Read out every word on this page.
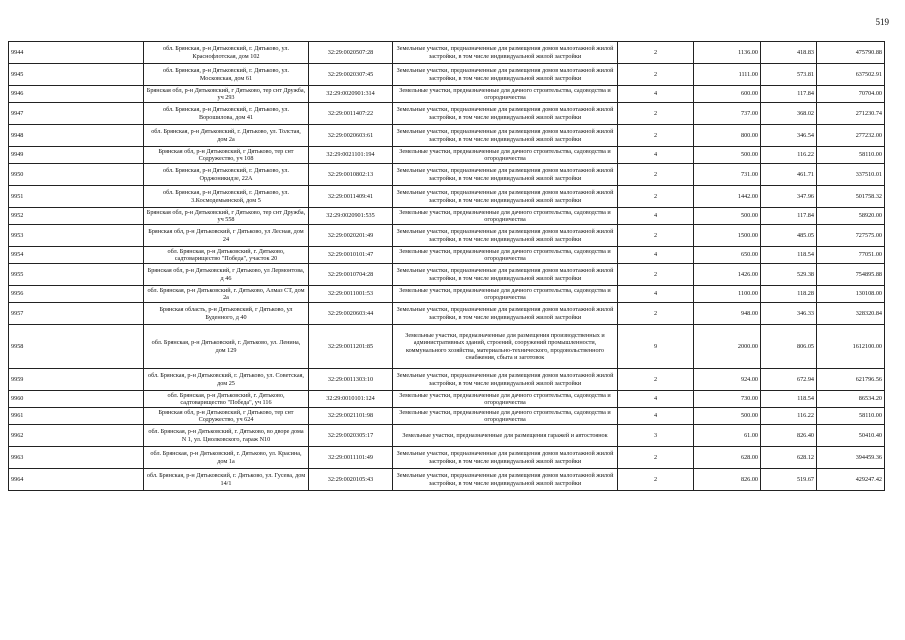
519
9944	обл. Брянская, р-н Дятьковский, г. Дятьково, ул. Краснофлотская, дом 102	32:29:0020507:28	Земельные участки, предназначенные для размещения домов малоэтажной жилой застройки, в том числе индивидуальной жилой застройки	2	1136.00	418.83	475790.88
9945	обл. Брянская, р-н Дятьковский, г. Дятьково, ул. Московская, дом 61	32:29:0020307:45	Земельные участки, предназначенные для размещения домов малоэтажной жилой застройки, в том числе индивидуальной жилой застройки	2	1111.00	573.81	637502.91
9946	Брянская обл, р-н Дятьковский, г Дятьково, тер снт Дружба, уч 293	32:29:0020901:314	Земельные участки, предназначенные для дачного строительства, садоводства и огородничества	4	600.00	117.84	70704.00
9947	обл. Брянская, р-н Дятьковский, г. Дятьково, ул. Ворошилова, дом 41	32:29:0011407:22	Земельные участки, предназначенные для размещения домов малоэтажной жилой застройки, в том числе индивидуальной жилой застройки	2	737.00	368.02	271230.74
9948	обл. Брянская, р-н Дятьковский, г. Дятьково, ул. Толстая, дом 2а	32:29:0020603:61	Земельные участки, предназначенные для размещения домов малоэтажной жилой застройки, в том числе индивидуальной жилой застройки	2	800.00	346.54	277232.00
9949	Брянская обл, р-н Дятьковский, г Дятьково, тер снт Содружество, уч 108	32:29:0021101:194	Земельные участки, предназначенные для дачного строительства, садоводства и огородничества	4	500.00	116.22	58110.00
9950	обл. Брянская, р-н Дятьковский, г. Дятьково, ул. Орджоникидзе, 22А	32:29:0010802:13	Земельные участки, предназначенные для размещения домов малоэтажной жилой застройки, в том числе индивидуальной жилой застройки	2	731.00	461.71	337510.01
9951	обл. Брянская, р-н Дятьковский, г. Дятьково, ул. 3.Космодемьянской, дом 5	32:29:0011409:41	Земельные участки, предназначенные для размещения домов малоэтажной жилой застройки, в том числе индивидуальной жилой застройки	2	1442.00	347.96	501758.32
9952	Брянская обл, р-н Дятьковский, г Дятьково, тер снт Дружба, уч 558	32:29:0020901:535	Земельные участки, предназначенные для дачного строительства, садоводства и огородничества	4	500.00	117.84	58920.00
9953	Брянская обл, р-н Дятьковский, г Дятьково, ул Лесная, дом 24	32:29:0020201:49	Земельные участки, предназначенные для размещения домов малоэтажной жилой застройки, в том числе индивидуальной жилой застройки	2	1500.00	485.05	727575.00
9954	обл. Брянская, р-н Дятьковский, г. Дятьково, садтоварищество "Победа", участок 20	32:29:0010101:47	Земельные участки, предназначенные для дачного строительства, садоводства и огородничества	4	650.00	118.54	77051.00
9955	Брянская обл, р-н Дятьковский, г Дятьково, ул Лермонтова, д 46	32:29:0010704:28	Земельные участки, предназначенные для размещения домов малоэтажной жилой застройки, в том числе индивидуальной жилой застройки	2	1426.00	529.38	754895.88
9956	обл. Брянская, р-н Дятьковский, г. Дятьково, Алмаз СТ, дом 2а	32:29:0011001:53	Земельные участки, предназначенные для дачного строительства, садоводства и огородничества	4	1100.00	118.28	130108.00
9957	Брянская область, р-н Дятьковский, г Дятьково, ул Буденного, д 40	32:29:0020603:44	Земельные участки, предназначенные для размещения домов малоэтажной жилой застройки, в том числе индивидуальной жилой застройки	2	948.00	346.33	328320.84
9958	обл. Брянская, р-н Дятьковский, г. Дятьково, ул. Ленина, дом 129	32:29:0011201:85	Земельные участки, предназначенные для размещения производственных и административных зданий, строений, сооружений промышленности, коммунального хозяйства, материально-технического, продовольственного снабжения, сбыта и заготовок	9	2000.00	806.05	1612100.00
9959	обл. Брянская, р-н Дятьковский, г. Дятьково, ул. Советская, дом 25	32:29:0011303:10	Земельные участки, предназначенные для размещения домов малоэтажной жилой застройки, в том числе индивидуальной жилой застройки	2	924.00	672.94	621796.56
9960	обл. Брянская, р-н Дятьковский, г. Дятьково, садтоварищество "Победа", уч 116	32:29:0010101:124	Земельные участки, предназначенные для дачного строительства, садоводства и огородничества	4	730.00	118.54	86534.20
9961	Брянская обл, р-н Дятьковский, г Дятьково, тер снт Содружество, уч 624	32:29:0021101:98	Земельные участки, предназначенные для дачного строительства, садоводства и огородничества	4	500.00	116.22	58110.00
9962	обл. Брянская, р-н Дятьковский, г. Дятьково, во дворе дома N 1, ул. Циолковского, гараж N10	32:29:0020305:17	Земельные участки, предназначенные для размещения гаражей и автостоянок	3	61.00	826.40	50410.40
9963	обл. Брянская, р-н Дятьковский, г. Дятьково, ул. Красина, дом 1а	32:29:0011101:49	Земельные участки, предназначенные для размещения домов малоэтажной жилой застройки, в том числе индивидуальной жилой застройки	2	628.00	628.12	394459.36
9964	обл. Брянская, р-н Дятьковский, г. Дятьково, ул. Гусева, дом 14/1	32:29:0020105:43	Земельные участки, предназначенные для размещения домов малоэтажной жилой застройки, в том числе индивидуальной жилой застройки	2	826.00	519.67	429247.42
